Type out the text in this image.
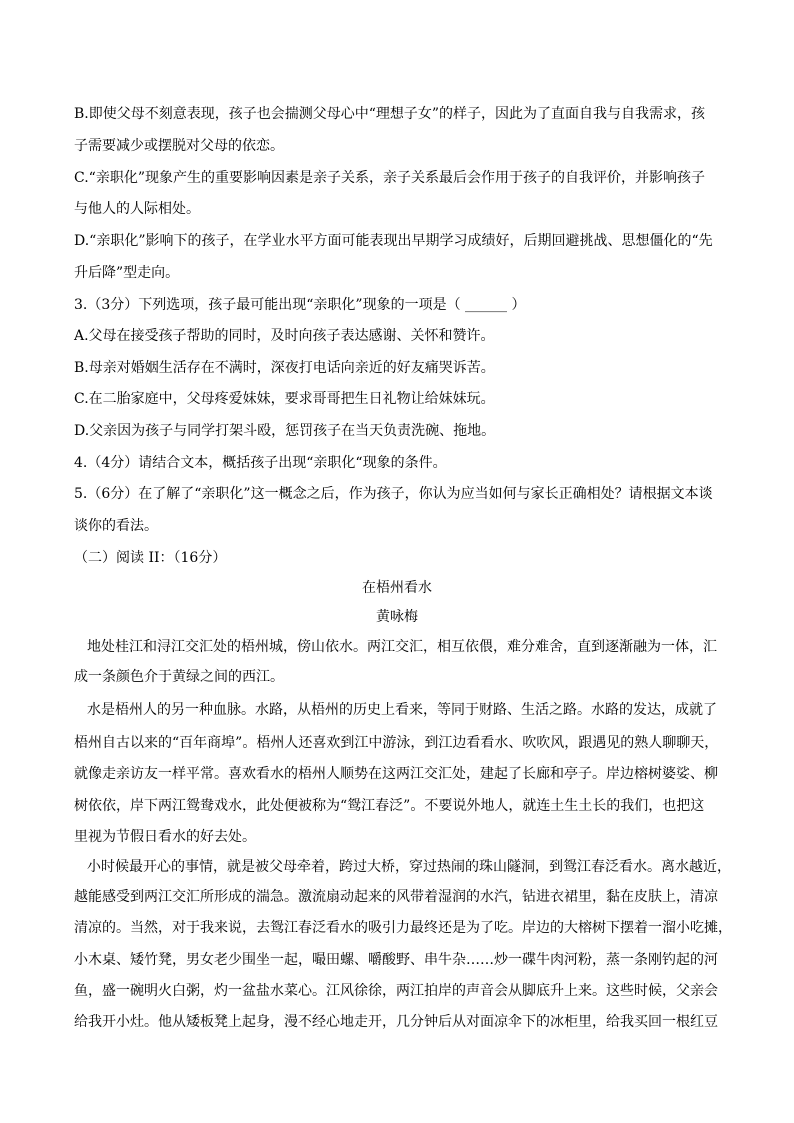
B.即使父母不刻意表现，孩子也会揣测父母心中“理想子女”的样子，因此为了直面自我与自我需求，孩
子需要减少或摆脱对父母的依恋。
C.“亲职化”现象产生的重要影响因素是亲子关系，亲子关系最后会作用于孩子的自我评价，并影响孩子
与他人的人际相处。
D.“亲职化”影响下的孩子，在学业水平方面可能表现出早期学习成绩好，后期回避挑战、思想僵化的“先
升后降”型走向。
3.（3分）下列选项，孩子最可能出现“亲职化”现象的一项是（ ______ ）
A.父母在接受孩子帮助的同时，及时向孩子表达感谢、关怀和赞许。
B.母亲对婚姻生活存在不满时，深夜打电话向亲近的好友痛哭诉苦。
C.在二胎家庭中，父母疼爱妹妹，要求哥哥把生日礼物让给妹妹玩。
D.父亲因为孩子与同学打架斗殴，惩罚孩子在当天负责洗碗、拖地。
4.（4分）请结合文本，概括孩子出现“亲职化“现象的条件。
5.（6分）在了解了“亲职化”这一概念之后，作为孩子，你认为应当如何与家长正确相处？请根据文本谈
谈你的看法。
（二）阅读 II：（16分）
在梧州看水
黄咏梅
地处桂江和浔江交汇处的梧州城，傍山依水。两江交汇，相互依偎，难分难舍，直到逐渐融为一体，汇
成一条颜色介于黄绿之间的西江。
水是梧州人的另一种血脉。水路，从梧州的历史上看来，等同于财路、生活之路。水路的发达，成就了
梧州自古以来的“百年商埠”。梧州人还喜欢到江中游泳，到江边看看水、吹吹风，跟遇见的熟人聊聊天，
就像走亲访友一样平常。喜欢看水的梧州人顺势在这两江交汇处，建起了长廊和亭子。岸边榕树婆娑、柳
树依依，岸下两江鸳鸯戏水，此处便被称为“鸳江春泛”。不要说外地人，就连土生土长的我们，也把这
里视为节假日看水的好去处。
小时候最开心的事情，就是被父母牵着，跨过大桥，穿过热闹的珠山隧洞，到鸳江春泛看水。离水越近，
越能感受到两江交汇所形成的湍急。激流扇动起来的风带着湿润的水汽，钻进衣裙里，黏在皮肤上，清凉
清凉的。当然，对于我来说，去鸳江春泛看水的吸引力最终还是为了吃。岸边的大榕树下摆着一溜小吃摊，
小木桌、矮竹凳，男女老少围坐一起，嘬田螺、嚼酸野、串牛杂……炒一碟牛肉河粉，蒸一条刚钓起的河
鱼，盛一碗明火白粥，灼一盆盐水菜心。江风徐徐，两江拍岸的声音会从脚底升上来。这些时候，父亲会
给我开小灶。他从矮板凳上起身，漫不经心地走开，几分钟后从对面凉伞下的冰柜里，给我买回一根红豆
